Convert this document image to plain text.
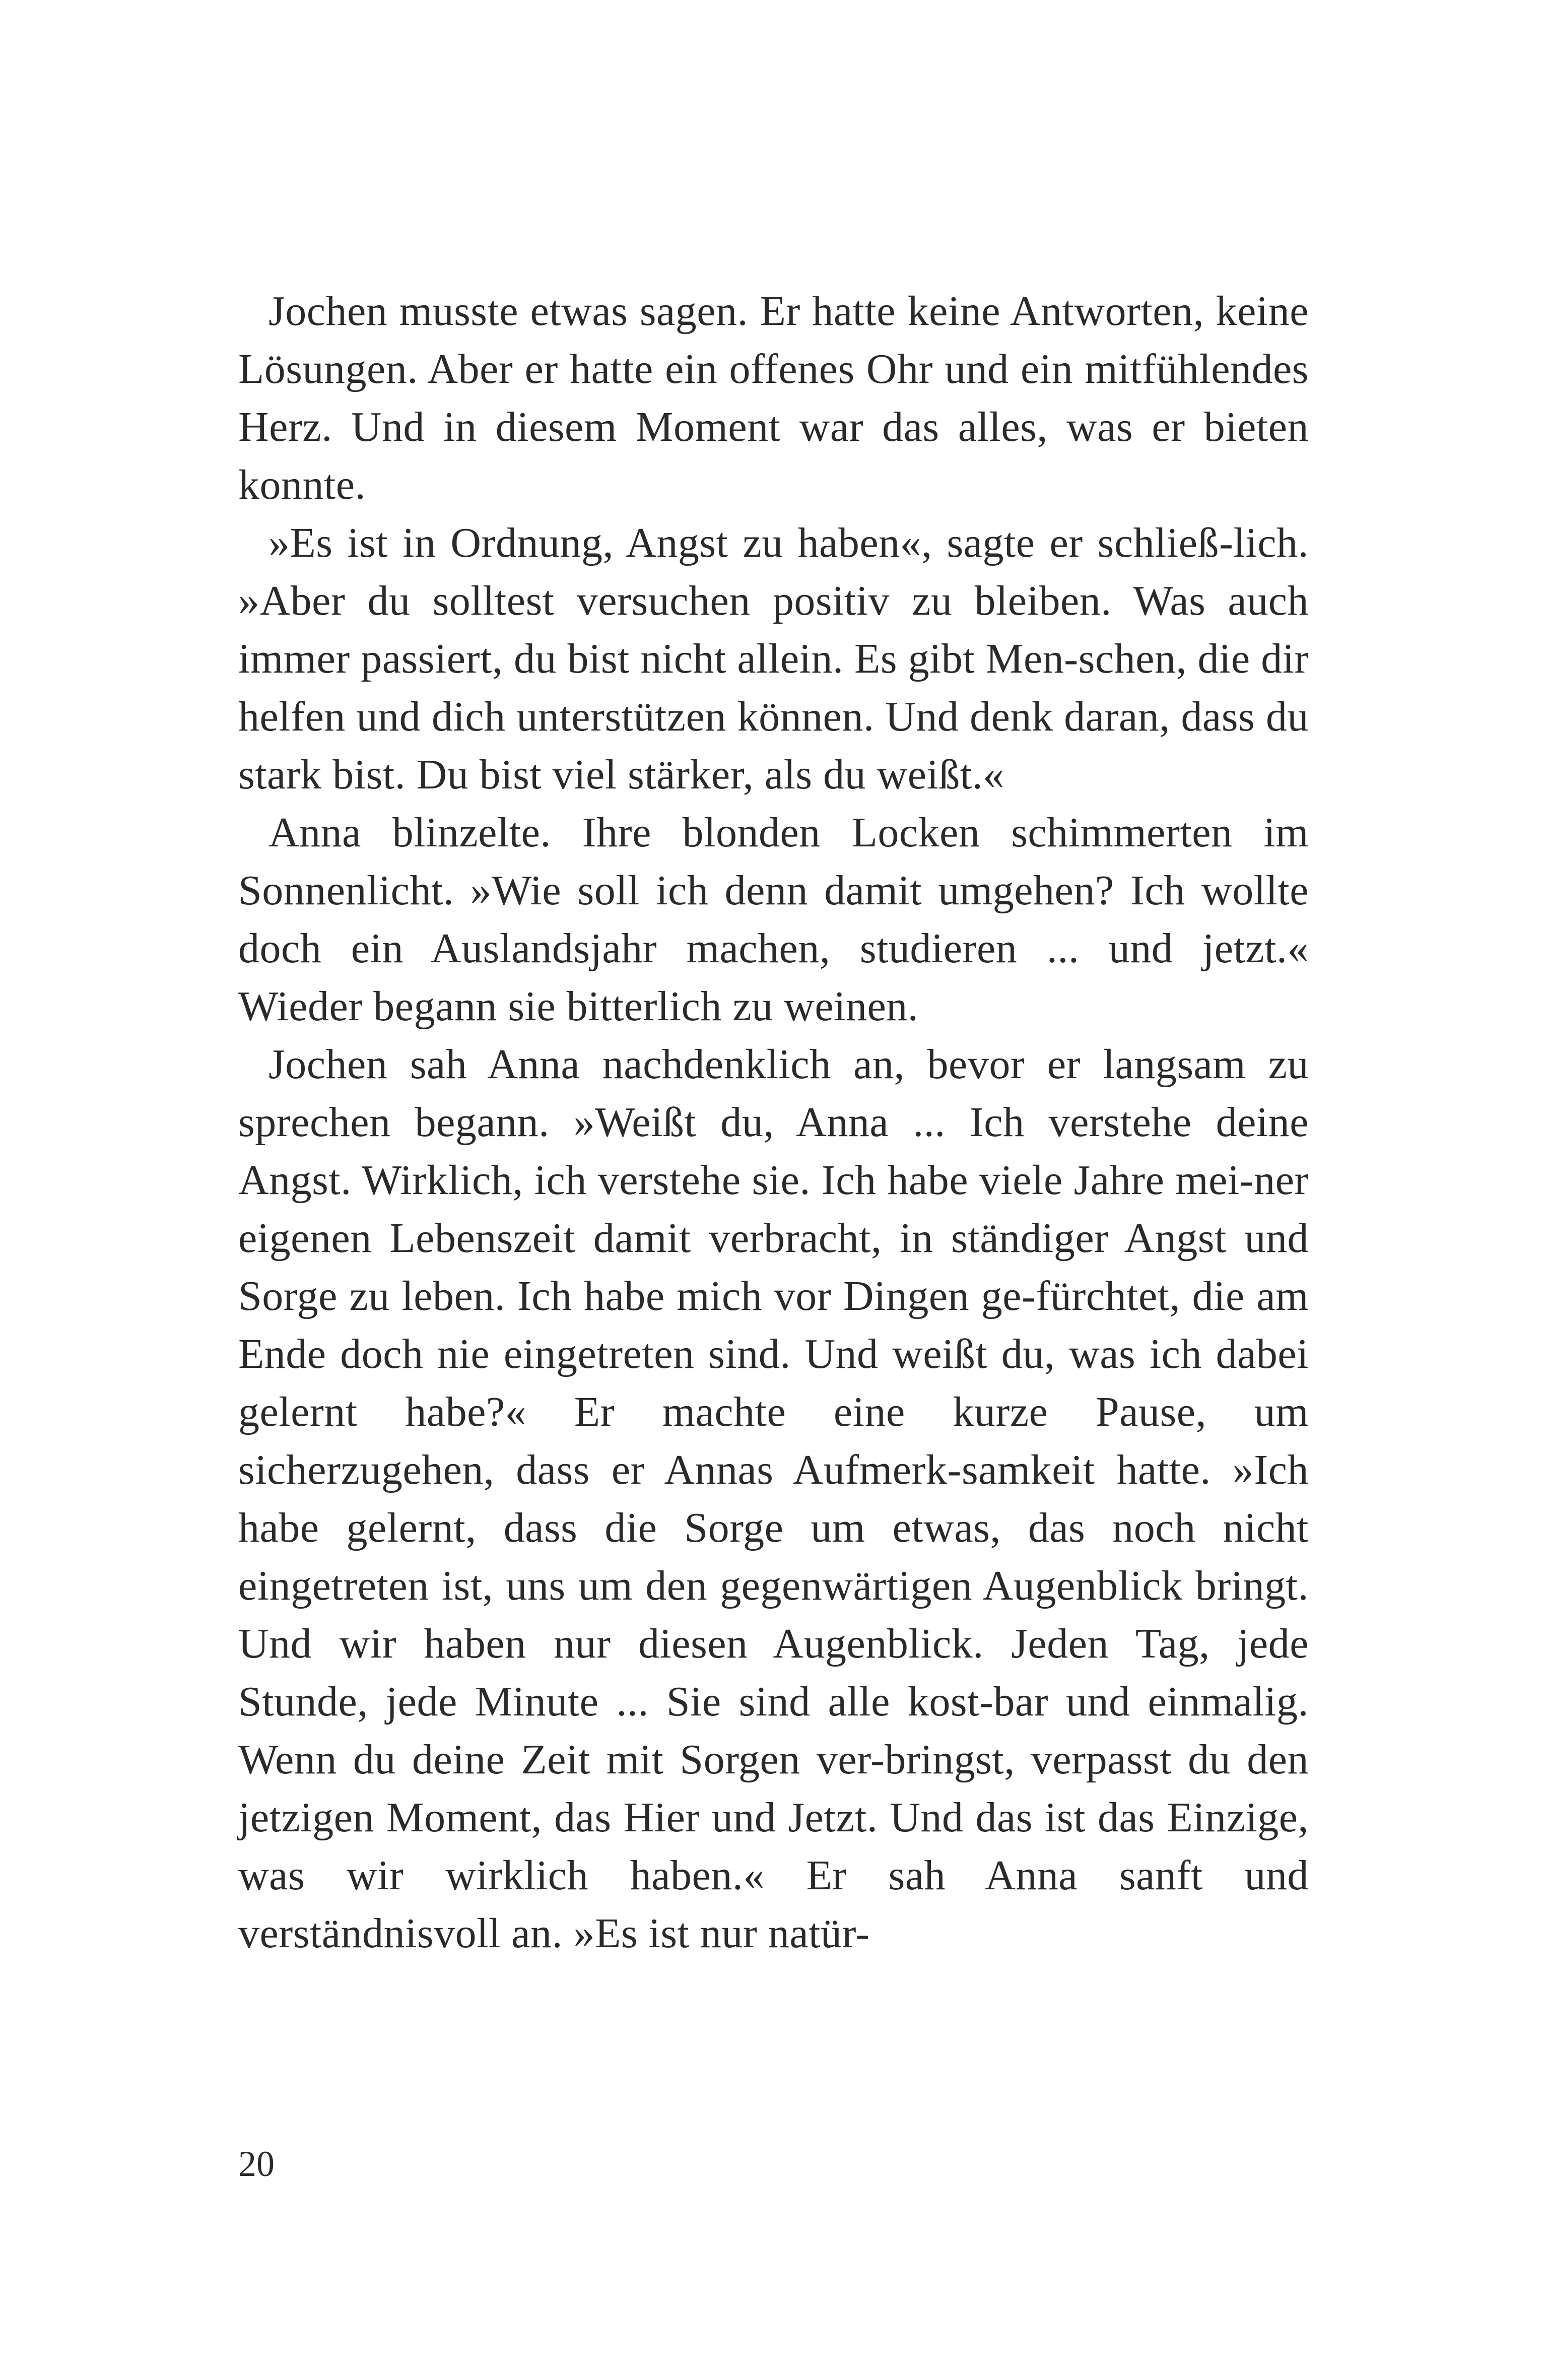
Jochen musste etwas sagen. Er hatte keine Antworten, keine Lösungen. Aber er hatte ein offenes Ohr und ein mitfühlendes Herz. Und in diesem Moment war das alles, was er bieten konnte.

»Es ist in Ordnung, Angst zu haben«, sagte er schließ-lich. »Aber du solltest versuchen positiv zu bleiben. Was auch immer passiert, du bist nicht allein. Es gibt Men-schen, die dir helfen und dich unterstützen können. Und denk daran, dass du stark bist. Du bist viel stärker, als du weißt.«

Anna blinzelte. Ihre blonden Locken schimmerten im Sonnenlicht. »Wie soll ich denn damit umgehen? Ich wollte doch ein Auslandsjahr machen, studieren ... und jetzt.« Wieder begann sie bitterlich zu weinen.

Jochen sah Anna nachdenklich an, bevor er langsam zu sprechen begann. »Weißt du, Anna ... Ich verstehe deine Angst. Wirklich, ich verstehe sie. Ich habe viele Jahre mei-ner eigenen Lebenszeit damit verbracht, in ständiger Angst und Sorge zu leben. Ich habe mich vor Dingen ge-fürchtet, die am Ende doch nie eingetreten sind. Und weißt du, was ich dabei gelernt habe?« Er machte eine kurze Pause, um sicherzugehen, dass er Annas Aufmerk-samkeit hatte. »Ich habe gelernt, dass die Sorge um etwas, das noch nicht eingetreten ist, uns um den gegenwärtigen Augenblick bringt. Und wir haben nur diesen Augenblick. Jeden Tag, jede Stunde, jede Minute ... Sie sind alle kost-bar und einmalig. Wenn du deine Zeit mit Sorgen ver-bringst, verpasst du den jetzigen Moment, das Hier und Jetzt. Und das ist das Einzige, was wir wirklich haben.« Er sah Anna sanft und verständnisvoll an. »Es ist nur natür-

20
